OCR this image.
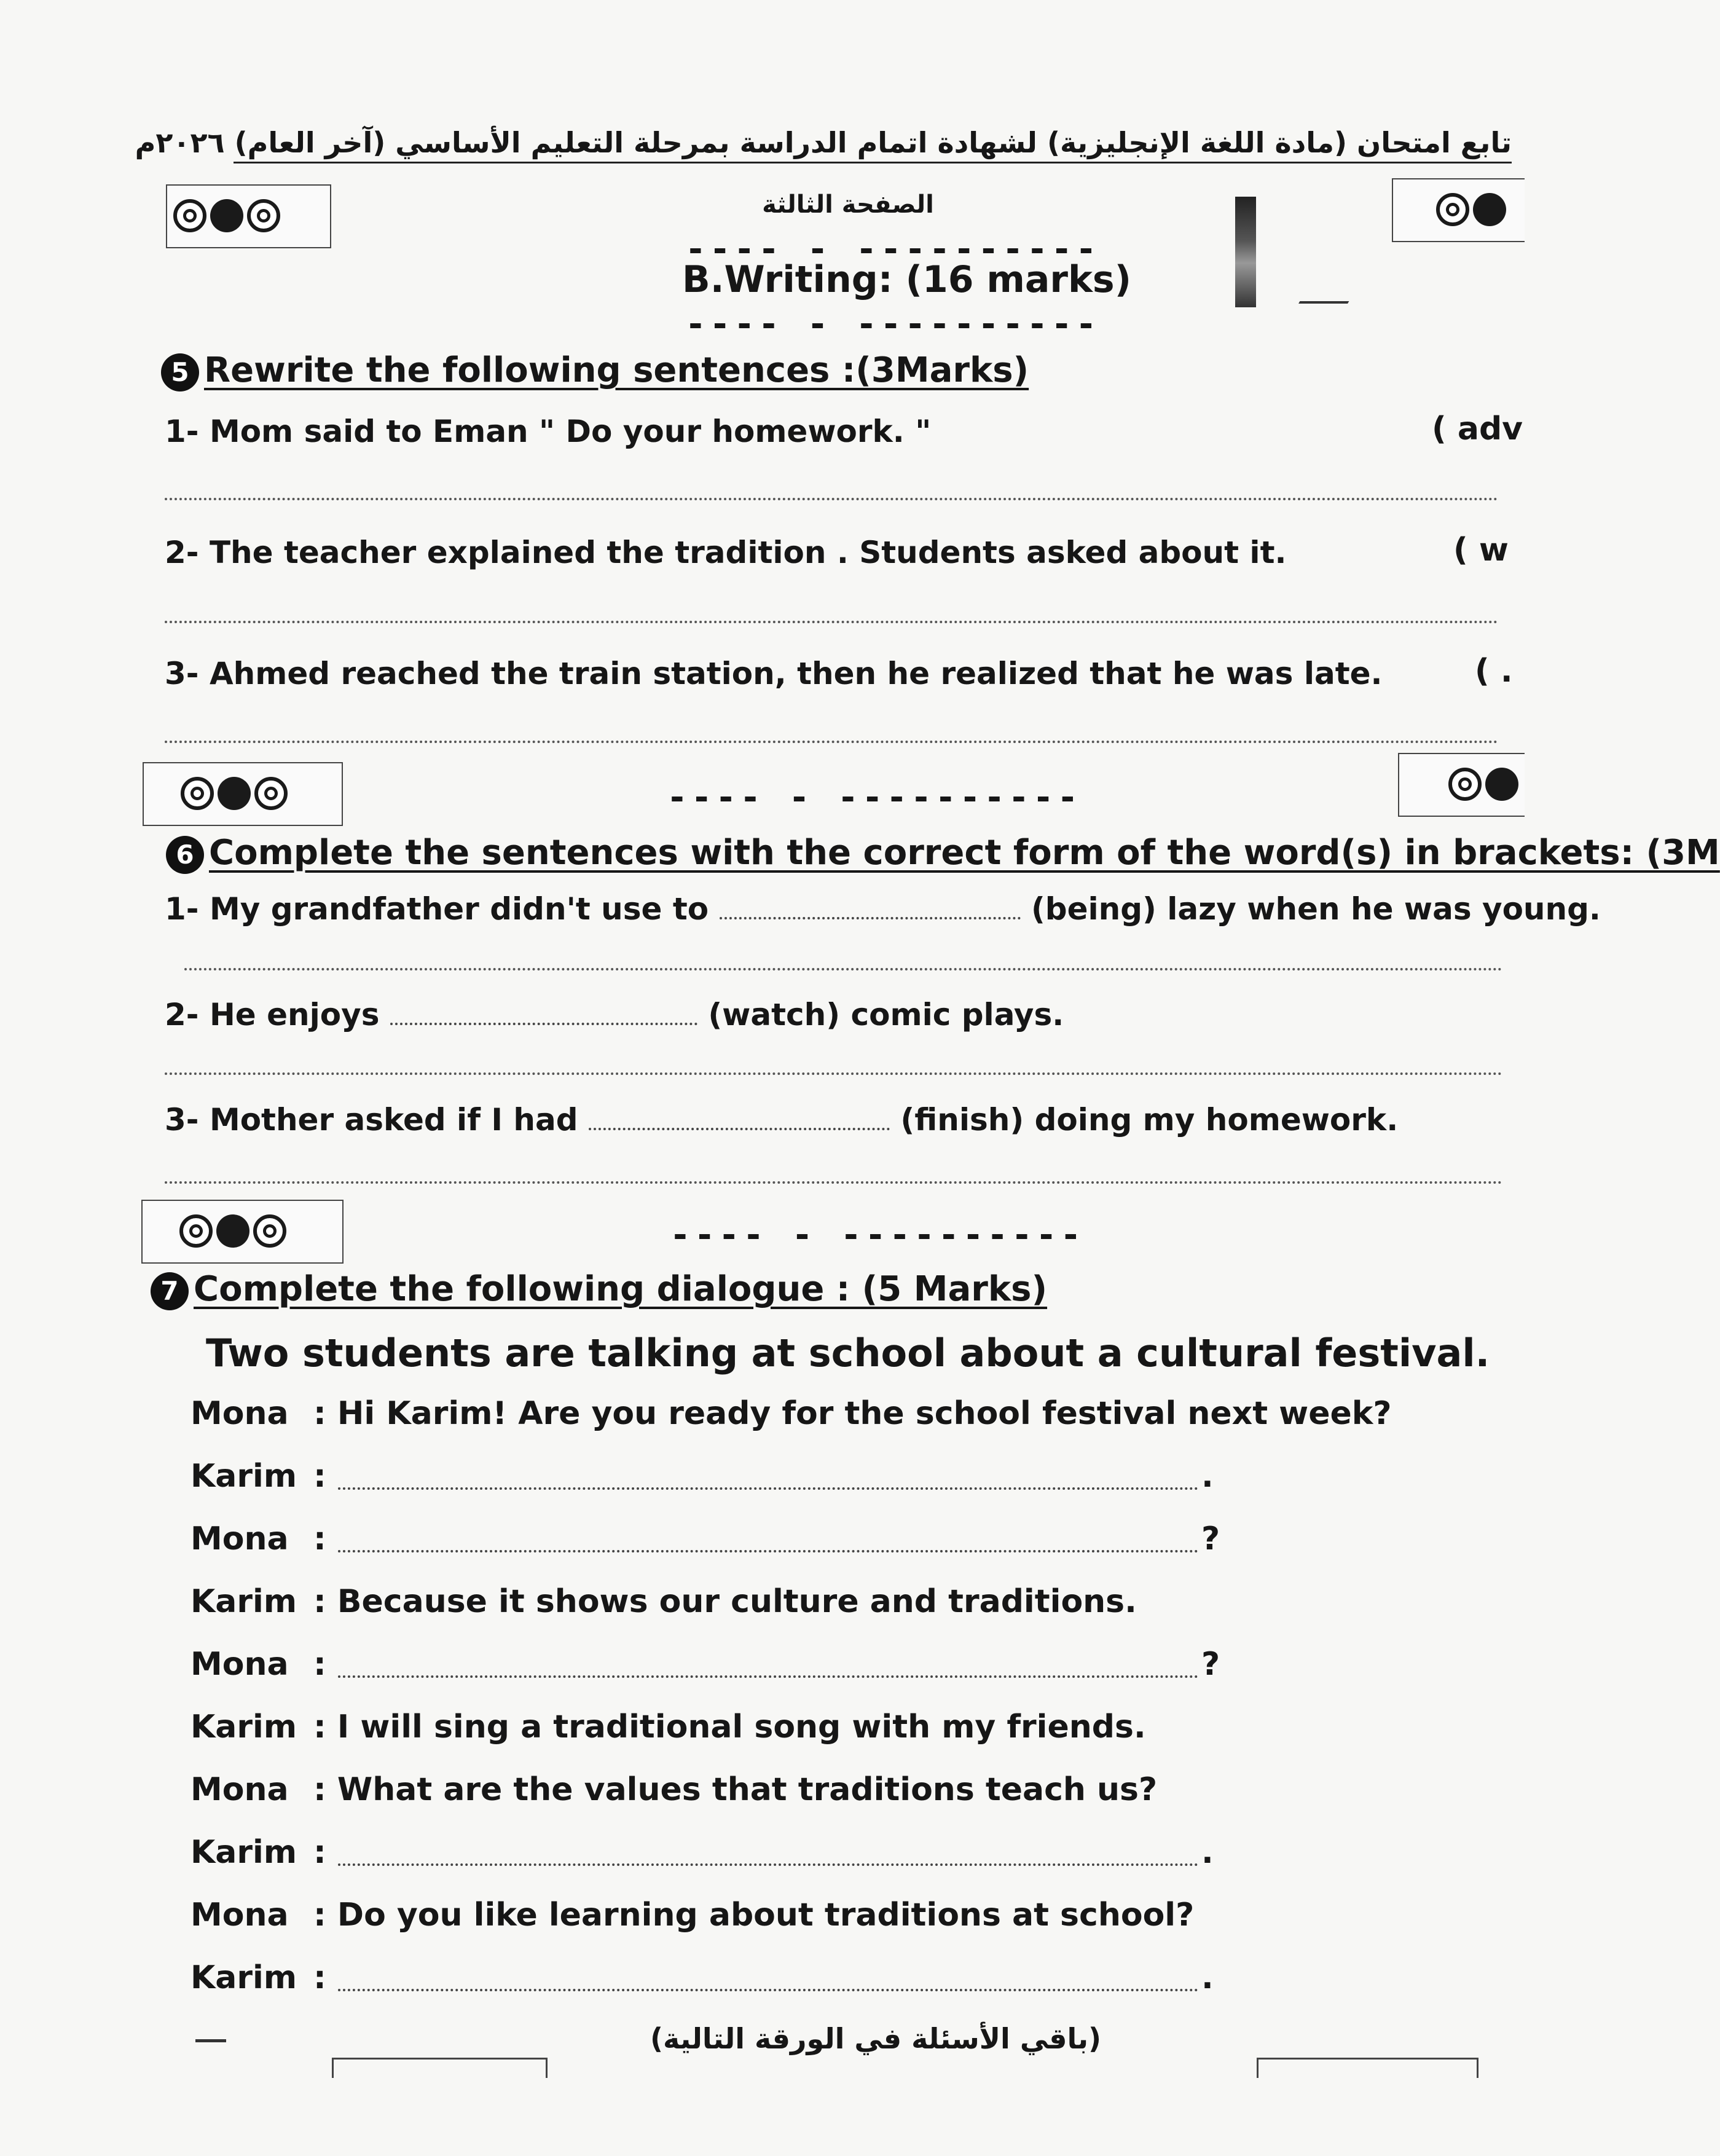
تابع امتحان (مادة اللغة الإنجليزية) لشهادة اتمام الدراسة بمرحلة التعليم الأساسي (آخر العام) ٢٠٢٦م
الصفحة الثالثة
---- - ----------
B.Writing: (16 marks)
---- - ----------
5 Rewrite the following sentences :(3Marks)
1- Mom said to Eman " Do your homework. "	( adv
2- The teacher explained the tradition . Students asked about it.	( w
3- Ahmed reached the train station, then he realized that he was late.	( .
---- - ----------
6 Complete the sentences with the correct form of the word(s) in brackets: (3M
1- My grandfather didn't use to	(being) lazy when he was young.
2- He enjoys	(watch) comic plays.
3- Mother asked if I had	(finish) doing my homework.
---- - ----------
7 Complete the following dialogue : (5 Marks)
Two students are talking at school about a cultural festival.
Mona : Hi Karim! Are you ready for the school festival next week?
Karim :	.
Mona :	?
Karim : Because it shows our culture and traditions.
Mona :	?
Karim : I will sing a traditional song with my friends.
Mona : What are the values that traditions teach us?
Karim :	.
Mona : Do you like learning about traditions at school?
Karim :	.
(باقي الأسئلة في الورقة التالية)
